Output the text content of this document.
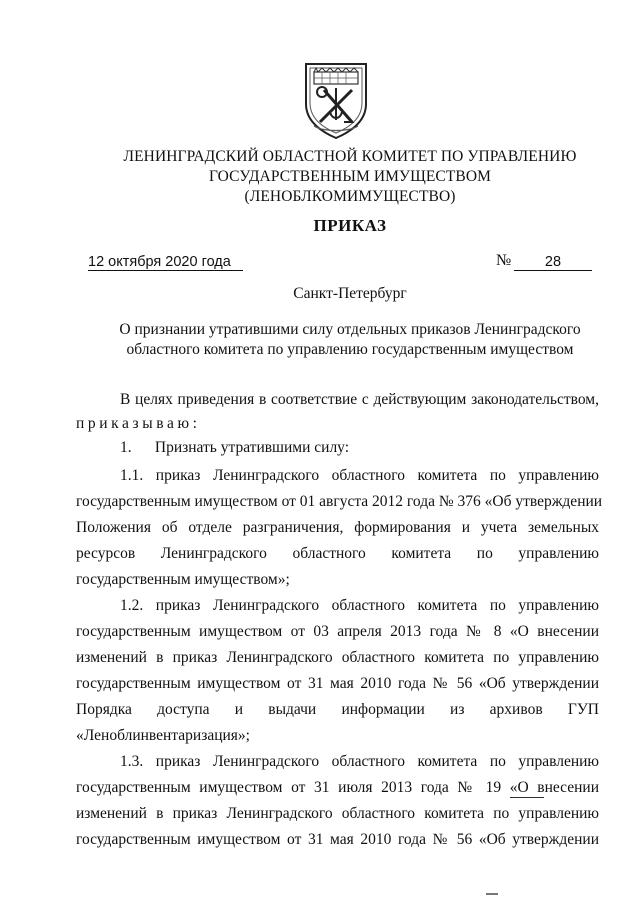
ЛЕНИНГРАДСКИЙ ОБЛАСТНОЙ КОМИТЕТ ПО УПРАВЛЕНИЮ
ГОСУДАРСТВЕННЫМ ИМУЩЕСТВОМ
(ЛЕНОБЛКОМИМУЩЕСТВО)
ПРИКАЗ
12 октября 2020 года	№	28
Санкт-Петербург
О признании утратившими силу отдельных приказов Ленинградского
областного комитета по управлению государственным имуществом
В целях приведения в соответствие с действующим законодательством,
приказываю:
1.      Признать утратившими силу:
1.1. приказ Ленинградского областного комитета по управлению
государственным имуществом от 01 августа 2012 года № 376 «Об утверждении
Положения об отделе разграничения, формирования и учета земельных
ресурсов Ленинградского областного комитета по управлению
государственным имуществом»;
1.2. приказ Ленинградского областного комитета по управлению
государственным имуществом от 03 апреля 2013 года № 8 «О внесении
изменений в приказ Ленинградского областного комитета по управлению
государственным имуществом от 31 мая 2010 года № 56 «Об утверждении
Порядка доступа и выдачи информации из архивов ГУП
«Леноблинвентаризация»;
1.3. приказ Ленинградского областного комитета по управлению
государственным имуществом от 31 июля 2013 года № 19 «О внесении
изменений в приказ Ленинградского областного комитета по управлению
государственным имуществом от 31 мая 2010 года № 56 «Об утверждении
